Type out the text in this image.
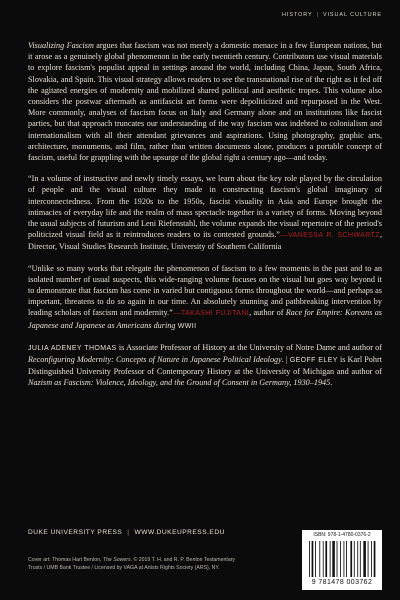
HISTORY | VISUAL CULTURE

Visualizing Fascism argues that fascism was not merely a domestic menace in a few European nations, but it arose as a genuinely global phenomenon in the early twentieth century. Contributors use visual materials to explore fascism's populist appeal in settings around the world, including China, Japan, South Africa, Slovakia, and Spain. This visual strategy allows readers to see the transnational rise of the right as it fed off the agitated energies of modernity and mobilized shared political and aesthetic tropes. This volume also considers the postwar aftermath as antifascist art forms were depoliticized and repurposed in the West. More commonly, analyses of fascism focus on Italy and Germany alone and on institutions like fascist parties, but that approach truncates our understanding of the way fascism was indebted to colonialism and internationalism with all their attendant grievances and aspirations. Using photography, graphic arts, architecture, monuments, and film, rather than written documents alone, produces a portable concept of fascism, useful for grappling with the upsurge of the global right a century ago—and today.

“In a volume of instructive and newly timely essays, we learn about the key role played by the circulation of people and the visual culture they made in constructing fascism's global imaginary of interconnectedness. From the 1920s to the 1950s, fascist visuality in Asia and Europe brought the intimacies of everyday life and the realm of mass spectacle together in a variety of forms. Moving beyond the usual subjects of futurism and Leni Riefenstahl, the volume expands the visual repertoire of the period's politicized visual field as it reintroduces readers to its contested grounds.”—VANESSA R. SCHWARTZ, Director, Visual Studies Research Institute, University of Southern California

“Unlike so many works that relegate the phenomenon of fascism to a few moments in the past and to an isolated number of usual suspects, this wide-ranging volume focuses on the visual but goes way beyond it to demonstrate that fascism has come in varied but contiguous forms throughout the world—and perhaps as important, threatens to do so again in our time. An absolutely stunning and pathbreaking intervention by leading scholars of fascism and modernity.”—TAKASHI FUJITANI, author of Race for Empire: Koreans as Japanese and Japanese as Americans during WWII

JULIA ADENEY THOMAS is Associate Professor of History at the University of Notre Dame and author of Reconfiguring Modernity: Concepts of Nature in Japanese Political Ideology. | GEOFF ELEY is Karl Pohrt Distinguished University Professor of Contemporary History at the University of Michigan and author of Nazism as Fascism: Violence, Ideology, and the Ground of Consent in Germany, 1930–1945.

DUKE UNIVERSITY PRESS | WWW.DUKEUPRESS.EDU
Cover art: Thomas Hart Benton, The Sowers. © 2019 T. H. and R. P. Benton Testamentary
Trusts / UMB Bank Trustee / Licensed by VAGA at Artists Rights Society (ARS), NY.
ISBN: 978-1-4780-0376-2
9 781478 003762
